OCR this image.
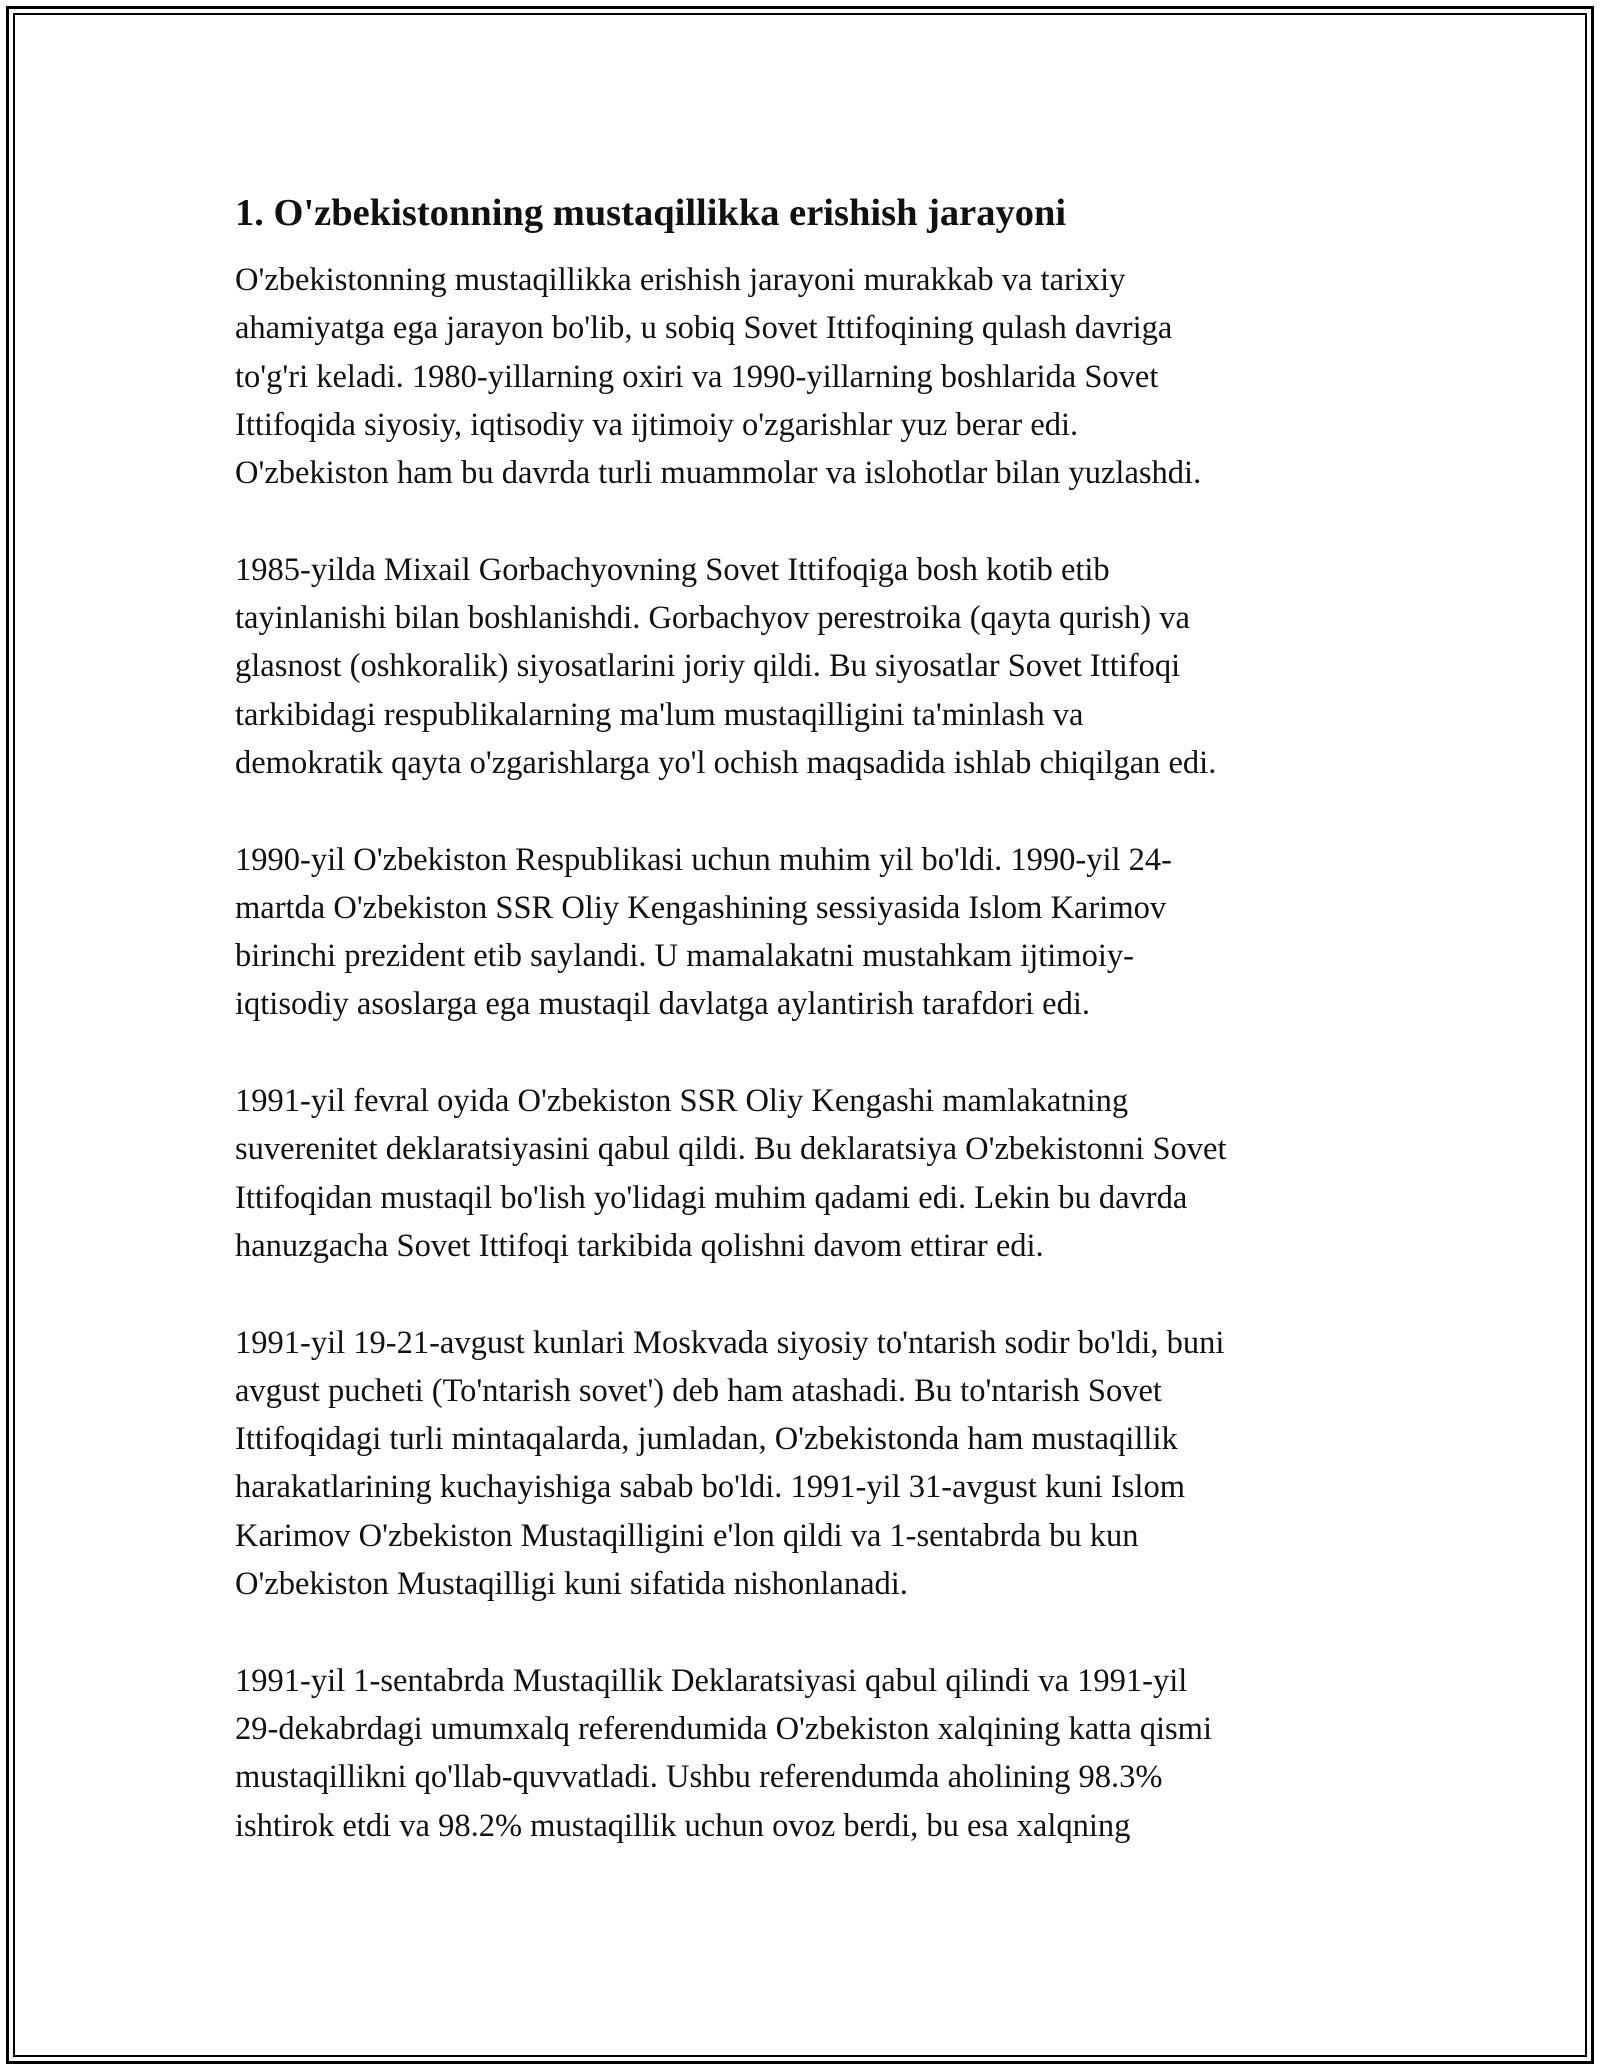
1. O'zbekistonning mustaqillikka erishish jarayoni

O'zbekistonning mustaqillikka erishish jarayoni murakkab va tarixiy
ahamiyatga ega jarayon bo'lib, u sobiq Sovet Ittifoqining qulash davriga
to'g'ri keladi. 1980-yillarning oxiri va 1990-yillarning boshlarida Sovet
Ittifoqida siyosiy, iqtisodiy va ijtimoiy o'zgarishlar yuz berar edi.
O'zbekiston ham bu davrda turli muammolar va islohotlar bilan yuzlashdi.

1985-yilda Mixail Gorbachyovning Sovet Ittifoqiga bosh kotib etib
tayinlanishi bilan boshlanishdi. Gorbachyov perestroika (qayta qurish) va
glasnost (oshkoralik) siyosatlarini joriy qildi. Bu siyosatlar Sovet Ittifoqi
tarkibidagi respublikalarning ma'lum mustaqilligini ta'minlash va
demokratik qayta o'zgarishlarga yo'l ochish maqsadida ishlab chiqilgan edi.

1990-yil O'zbekiston Respublikasi uchun muhim yil bo'ldi. 1990-yil 24-
martda O'zbekiston SSR Oliy Kengashining sessiyasida Islom Karimov
birinchi prezident etib saylandi. U mamalakatni mustahkam ijtimoiy-
iqtisodiy asoslarga ega mustaqil davlatga aylantirish tarafdori edi.

1991-yil fevral oyida O'zbekiston SSR Oliy Kengashi mamlakatning
suverenitet deklaratsiyasini qabul qildi. Bu deklaratsiya O'zbekistonni Sovet
Ittifoqidan mustaqil bo'lish yo'lidagi muhim qadami edi. Lekin bu davrda
hanuzgacha Sovet Ittifoqi tarkibida qolishni davom ettirar edi.

1991-yil 19-21-avgust kunlari Moskvada siyosiy to'ntarish sodir bo'ldi, buni
avgust pucheti (To'ntarish sovet') deb ham atashadi. Bu to'ntarish Sovet
Ittifoqidagi turli mintaqalarda, jumladan, O'zbekistonda ham mustaqillik
harakatlarining kuchayishiga sabab bo'ldi. 1991-yil 31-avgust kuni Islom
Karimov O'zbekiston Mustaqilligini e'lon qildi va 1-sentabrda bu kun
O'zbekiston Mustaqilligi kuni sifatida nishonlanadi.

1991-yil 1-sentabrda Mustaqillik Deklaratsiyasi qabul qilindi va 1991-yil
29-dekabrdagi umumxalq referendumida O'zbekiston xalqining katta qismi
mustaqillikni qo'llab-quvvatladi. Ushbu referendumda aholining 98.3%
ishtirok etdi va 98.2% mustaqillik uchun ovoz berdi, bu esa xalqning
